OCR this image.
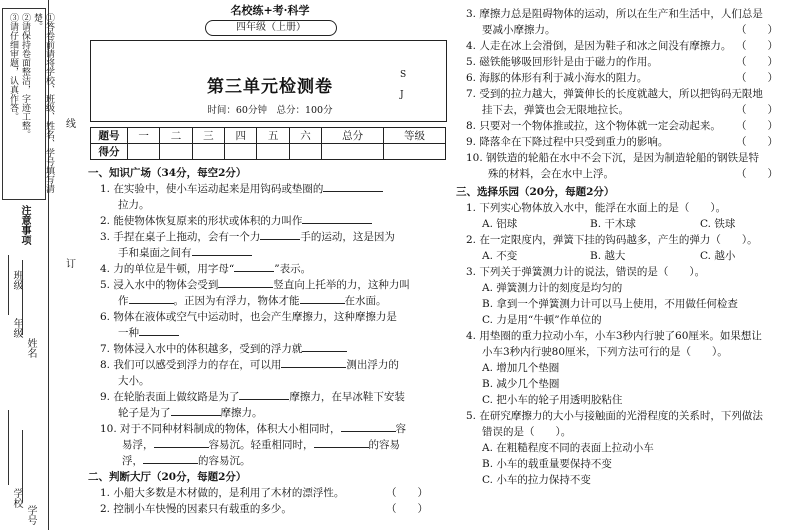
①答卷前请将学校、班级、姓名、学号填写清楚。
②请保持卷面整洁，字迹工整。
③请仔细审题，认真作答。
注意事项
班级
年级
姓名
学校
学号
线
订
名校练+考·科学
四年级（上册）
第三单元检测卷
S
J
时间：60分钟　总分：100分
题号	一	二	三	四	五	六	总分	等级
得分								
一、知识广场（34分，每空2分）
1. 在实验中，使小车运动起来是用钩码或垫圈的
拉力。
2. 能使物体恢复原来的形状或体积的力叫作
3. 手捏在桌子上拖动，会有一个力	手的运动，这是因为
手和桌面之间有
4. 力的单位是牛顿，用字母“	”表示。
5. 浸入水中的物体会受到	竖直向上托举的力，这种力叫
作	。正因为有浮力，物体才能	在水面。
6. 物体在液体或空气中运动时，也会产生摩擦力，这种摩擦力是
一种
7. 物体浸入水中的体积越多，受到的浮力就
8. 我们可以感受到浮力的存在，可以用	测出浮力的
大小。
9. 在轮胎表面上做纹路是为了	摩擦力，在早冰鞋下安装
轮子是为了	摩擦力。
10. 对于不同种材料制成的物体，体积大小相同时，	容
易浮，	容易沉。轻重相同时，	的容易
浮，	的容易沉。
二、判断大厅（20分，每题2分）
1. 小船大多数是木材做的，是利用了木材的漂浮性。	（　　）
2. 控制小车快慢的因素只有载重的多少。	（　　）
3. 摩擦力总是阻碍物体的运动，所以在生产和生活中，人们总是
要减小摩擦力。	（　　）
4. 人走在冰上会滑倒，是因为鞋子和冰之间没有摩擦力。 （　　）
5. 磁铁能够吸回形针是由于磁力的作用。	（　　）
6. 海豚的体形有利于减小海水的阻力。	（　　）
7. 受到的拉力越大，弹簧伸长的长度就越大，所以把钩码无限地
挂下去，弹簧也会无限地拉长。	（　　）
8. 只要对一个物体推或拉，这个物体就一定会动起来。 （　　）
9. 降落伞在下降过程中只受到重力的影响。	（　　）
10. 钢铁造的轮船在水中不会下沉，是因为制造轮船的钢铁是特
殊的材料，会在水中上浮。	（　　）
三、选择乐园（20分，每题2分）
1. 下列实心物体放入水中，能浮在水面上的是（　　）。
A. 铝球	B. 干木球	C. 铁球
2. 在一定限度内，弹簧下挂的钩码越多，产生的弹力（　　）。
A. 不变	B. 越大	C. 越小
3. 下列关于弹簧测力计的说法，错误的是（　　）。
A. 弹簧测力计的刻度是均匀的
B. 拿到一个弹簧测力计可以马上使用，不用做任何检查
C. 力是用“牛顿”作单位的
4. 用垫圈的重力拉动小车，小车3秒内行驶了60厘米。如果想让
小车3秒内行驶80厘米，下列方法可行的是（　　）。
A. 增加几个垫圈
B. 减少几个垫圈
C. 把小车的轮子用透明胶粘住
5. 在研究摩擦力的大小与接触面的光滑程度的关系时，下列做法
错误的是（　　）。
A. 在粗糙程度不同的表面上拉动小车
B. 小车的载重量要保持不变
C. 小车的拉力保持不变
